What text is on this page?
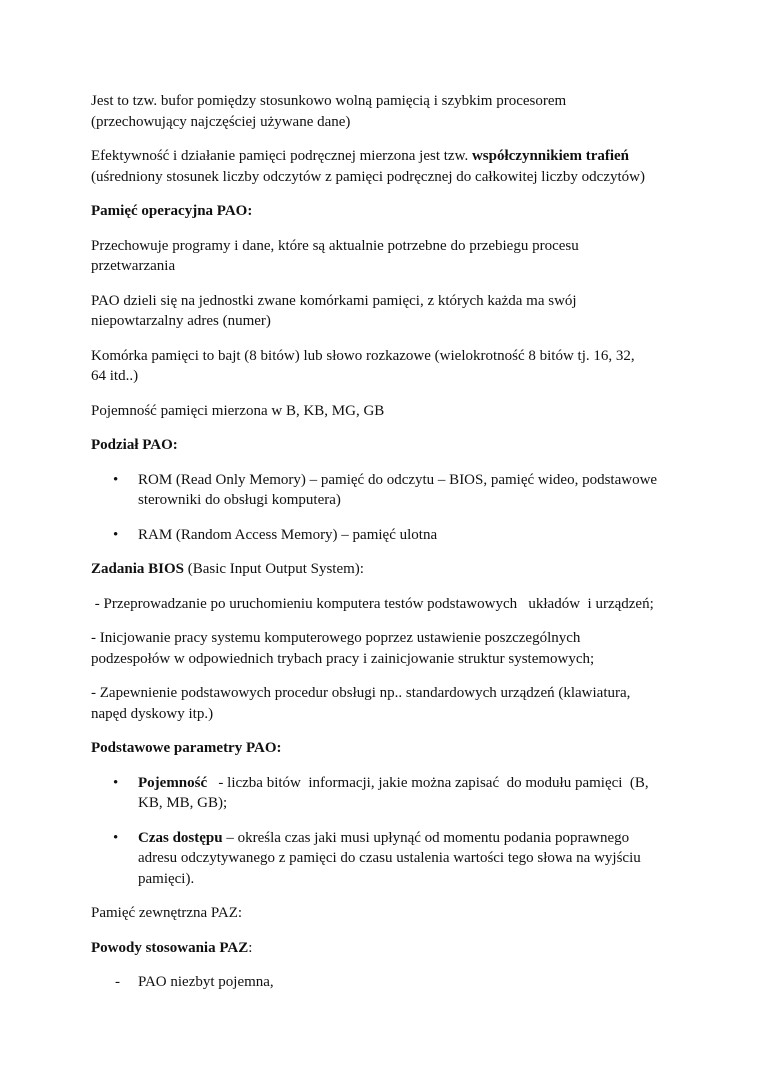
Jest to tzw. bufor pomiędzy stosunkowo wolną pamięcią i szybkim procesorem
(przechowujący najczęściej używane dane)

Efektywność i działanie pamięci podręcznej mierzona jest tzw. współczynnikiem trafień
(uśredniony stosunek liczby odczytów z pamięci podręcznej do całkowitej liczby odczytów)

Pamięć operacyjna PAO:

Przechowuje programy i dane, które są aktualnie potrzebne do przebiegu procesu
przetwarzania

PAO dzieli się na jednostki zwane komórkami pamięci, z których każda ma swój
niepowtarzalny adres (numer)

Komórka pamięci to bajt (8 bitów) lub słowo rozkazowe (wielokrotność 8 bitów tj. 16, 32,
64 itd..)

Pojemność pamięci mierzona w B, KB, MG, GB

Podział PAO:

• ROM (Read Only Memory) – pamięć do odczytu – BIOS, pamięć wideo, podstawowe
sterowniki do obsługi komputera)
• RAM (Random Access Memory) – pamięć ulotna

Zadania BIOS (Basic Input Output System):

- Przeprowadzanie po uruchomieniu komputera testów podstawowych   układów  i urządzeń;

- Inicjowanie pracy systemu komputerowego poprzez ustawienie poszczególnych
podzespołów w odpowiednich trybach pracy i zainicjowanie struktur systemowych;

- Zapewnienie podstawowych procedur obsługi np.. standardowych urządzeń (klawiatura,
napęd dyskowy itp.)

Podstawowe parametry PAO:

• Pojemność   - liczba bitów  informacji, jakie można zapisać  do modułu pamięci  (B,
KB, MB, GB);
• Czas dostępu – określa czas jaki musi upłynąć od momentu podania poprawnego
adresu odczytywanego z pamięci do czasu ustalenia wartości tego słowa na wyjściu
pamięci).

Pamięć zewnętrzna PAZ:

Powody stosowania PAZ:

- PAO niezbyt pojemna,
